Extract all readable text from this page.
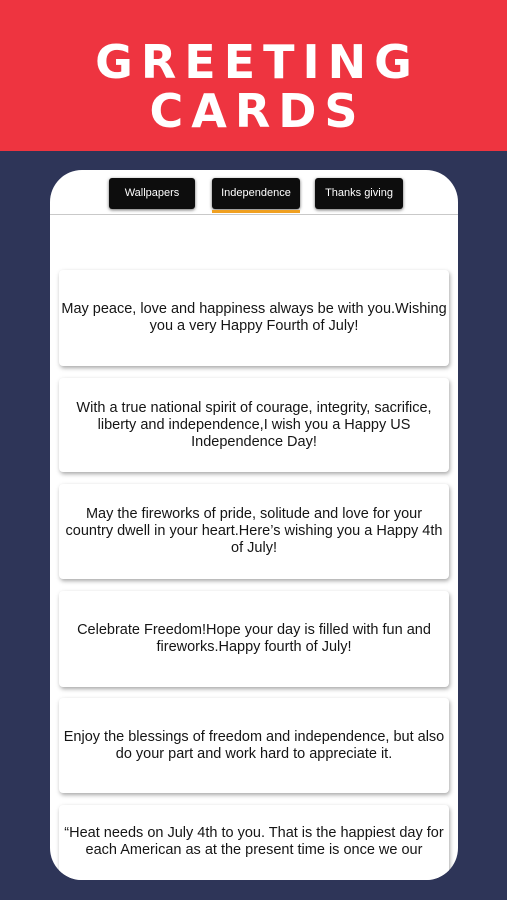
GREETING
CARDS
Wallpapers	Independence	Thanks giving
May peace, love and happiness always be with you.Wishing you a very Happy Fourth of July!
With a true national spirit of courage, integrity, sacrifice, liberty and independence,I wish you a Happy US Independence Day!
May the fireworks of pride, solitude and love for your country dwell in your heart.Here’s wishing you a Happy 4th of July!
Celebrate Freedom!Hope your day is filled with fun and fireworks.Happy fourth of July!
Enjoy the blessings of freedom and independence, but also do your part and work hard to appreciate it.
“Heat needs on July 4th to you. That is the happiest day for each American as at the present time is once we our
